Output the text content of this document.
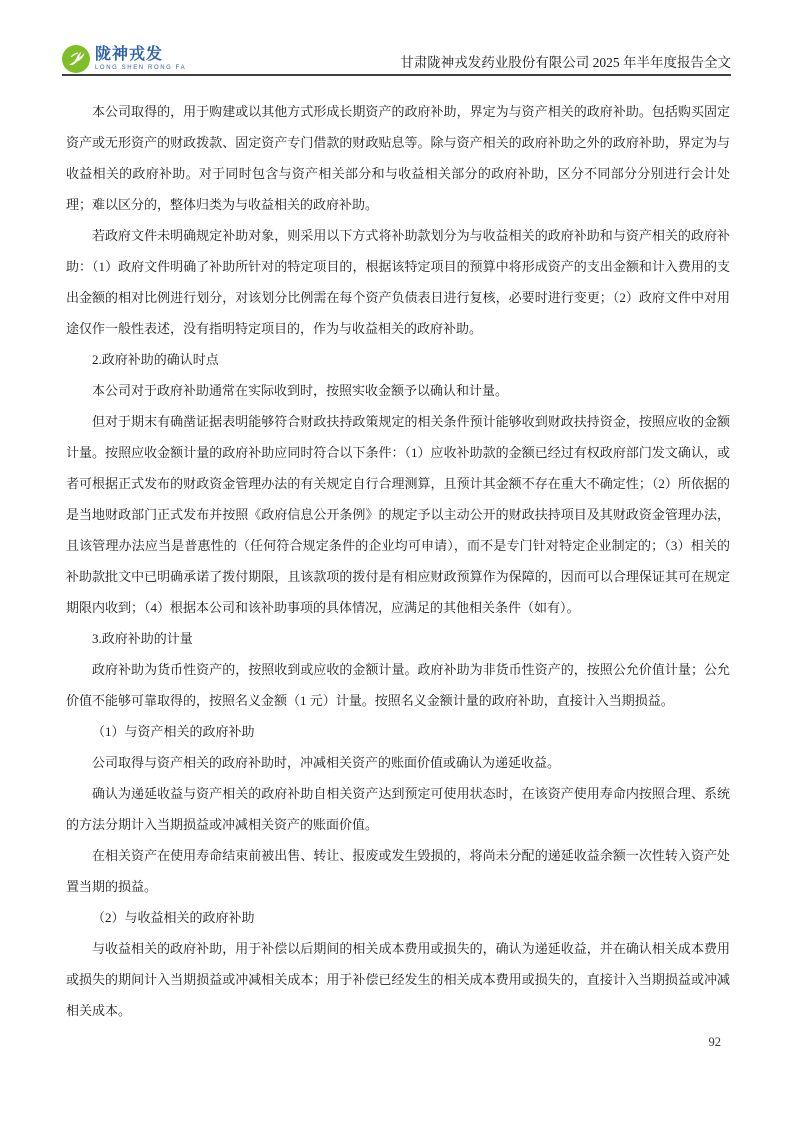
陇神戎发
LONG SHEN RONG FA	甘肃陇神戎发药业股份有限公司 2025 年半年度报告全文

本公司取得的，用于购建或以其他方式形成长期资产的政府补助，界定为与资产相关的政府补助。包括购买固定资产或无形资产的财政拨款、固定资产专门借款的财政贴息等。除与资产相关的政府补助之外的政府补助，界定为与收益相关的政府补助。对于同时包含与资产相关部分和与收益相关部分的政府补助，区分不同部分分别进行会计处理；难以区分的，整体归类为与收益相关的政府补助。

若政府文件未明确规定补助对象，则采用以下方式将补助款划分为与收益相关的政府补助和与资产相关的政府补助：（1）政府文件明确了补助所针对的特定项目的，根据该特定项目的预算中将形成资产的支出金额和计入费用的支出金额的相对比例进行划分，对该划分比例需在每个资产负债表日进行复核，必要时进行变更；（2）政府文件中对用途仅作一般性表述，没有指明特定项目的，作为与收益相关的政府补助。

2.政府补助的确认时点

本公司对于政府补助通常在实际收到时，按照实收金额予以确认和计量。

但对于期末有确凿证据表明能够符合财政扶持政策规定的相关条件预计能够收到财政扶持资金，按照应收的金额计量。按照应收金额计量的政府补助应同时符合以下条件：（1）应收补助款的金额已经过有权政府部门发文确认，或者可根据正式发布的财政资金管理办法的有关规定自行合理测算，且预计其金额不存在重大不确定性；（2）所依据的是当地财政部门正式发布并按照《政府信息公开条例》的规定予以主动公开的财政扶持项目及其财政资金管理办法，且该管理办法应当是普惠性的（任何符合规定条件的企业均可申请），而不是专门针对特定企业制定的；（3）相关的补助款批文中已明确承诺了拨付期限，且该款项的拨付是有相应财政预算作为保障的，因而可以合理保证其可在规定期限内收到；（4）根据本公司和该补助事项的具体情况，应满足的其他相关条件（如有）。

3.政府补助的计量

政府补助为货币性资产的，按照收到或应收的金额计量。政府补助为非货币性资产的，按照公允价值计量；公允价值不能够可靠取得的，按照名义金额（1 元）计量。按照名义金额计量的政府补助，直接计入当期损益。

（1）与资产相关的政府补助

公司取得与资产相关的政府补助时，冲减相关资产的账面价值或确认为递延收益。

确认为递延收益与资产相关的政府补助自相关资产达到预定可使用状态时，在该资产使用寿命内按照合理、系统的方法分期计入当期损益或冲减相关资产的账面价值。

在相关资产在使用寿命结束前被出售、转让、报废或发生毁损的，将尚未分配的递延收益余额一次性转入资产处置当期的损益。

（2）与收益相关的政府补助

与收益相关的政府补助，用于补偿以后期间的相关成本费用或损失的，确认为递延收益，并在确认相关成本费用或损失的期间计入当期损益或冲减相关成本；用于补偿已经发生的相关成本费用或损失的，直接计入当期损益或冲减相关成本。

92
